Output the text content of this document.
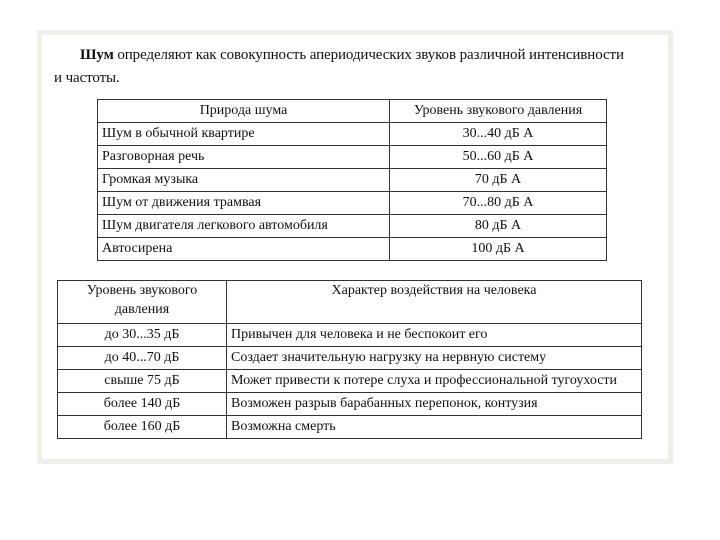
Шум определяют как совокупность апериодических звуков различной интенсивности
и частоты.
Природа шума	Уровень звукового давления
Шум в обычной квартире	30...40 дБ А
Разговорная речь	50...60 дБ А
Громкая музыка	70 дБ А
Шум от движения трамвая	70...80 дБ А
Шум двигателя легкового автомобиля	80 дБ А
Автосирена	100 дБ А
Уровень звукового давления	Характер воздействия на человека
до 30...35 дБ	Привычен для человека и не беспокоит его
до 40...70 дБ	Создает значительную нагрузку на нервную систему
свыше 75 дБ	Может привести к потере слуха и профессиональной тугоухости
более 140 дБ	Возможен разрыв барабанных перепонок, контузия
более 160 дБ	Возможна смерть
